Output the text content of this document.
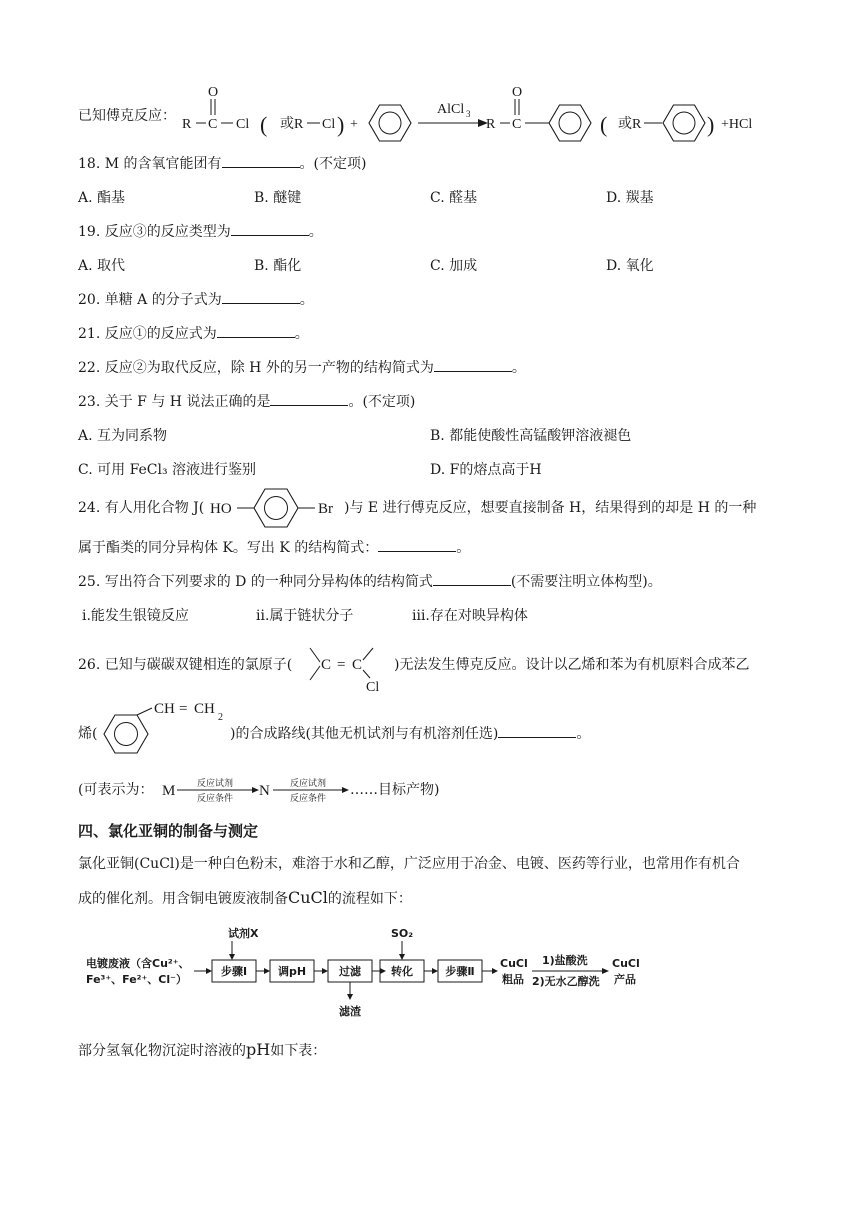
已知傅克反应：
O
R C Cl ( 或R Cl ) +
AlCl 3
R C
O
( 或R	) +HCl
18. M 的含氧官能团有	。(不定项)
A. 酯基	B. 醚键	C. 醛基	D. 羰基
19. 反应③的反应类型为	。
A. 取代	B. 酯化	C. 加成	D. 氧化
20. 单糖 A 的分子式为	。
21. 反应①的反应式为	。
22. 反应②为取代反应，除 H 外的另一产物的结构简式为	。
23. 关于 F 与 H 说法正确的是	。(不定项)
A. 互为同系物	B. 都能使酸性高锰酸钾溶液褪色
C. 可用 FeCl₃ 溶液进行鉴别	D. F的熔点高于H
24. 有人用化合物 J( HO	Br )与 E 进行傅克反应，想要直接制备 H，结果得到的却是 H 的一种
属于酯类的同分异构体 K。写出 K 的结构简式：	。
25. 写出符合下列要求的 D 的一种同分异构体的结构简式	(不需要注明立体构型)。
ⅰ.能发生银镜反应	ⅱ.属于链状分子	ⅲ.存在对映异构体
26. 已知与碳碳双键相连的氯原子( C = C
Cl
)无法发生傅克反应。设计以乙烯和苯为有机原料合成苯乙
烯(
CH = CH
2
)的合成路线(其他无机试剂与有机溶剂任选)	。
(可表示为： M 反应试剂
反应条件 N 反应试剂
反应条件 ……目标产物)
四、氯化亚铜的制备与测定
氯化亚铜(CuCl)是一种白色粉末，难溶于水和乙醇，广泛应用于冶金、电镀、医药等行业，也常用作有机合
成的催化剂。用含铜电镀废液制备CuCl的流程如下：
电镀废液（含Cu²⁺、
Fe³⁺、Fe²⁺、Cl⁻）
试剂X
步骤Ⅰ	调pH	过滤
滤渣
SO₂
转化	步骤Ⅱ
CuCl
粗品
1)盐酸洗
2)无水乙醇洗
CuCl
产品
部分氢氧化物沉淀时溶液的pH如下表：
